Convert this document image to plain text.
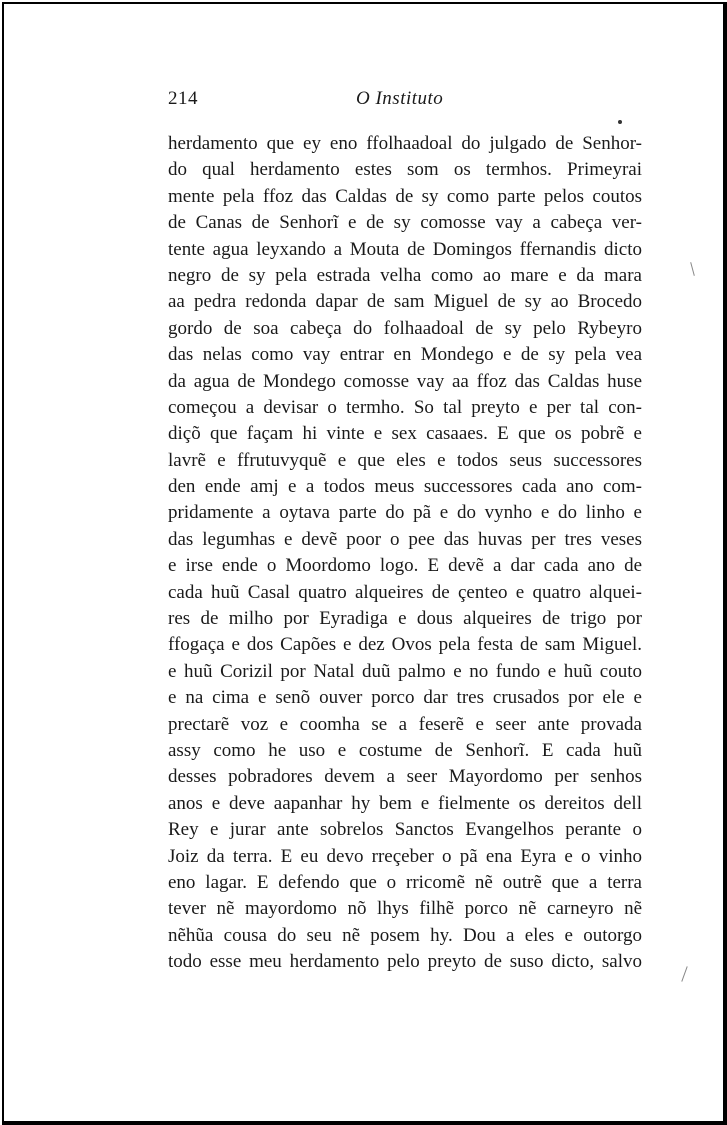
214	O Instituto
herdamento que ey eno ffolhaadoal do julgado de Senhor-
do qual herdamento estes som os termhos. Primeyrai
mente pela ffoz das Caldas de sy como parte pelos coutos
de Canas de Senhorĩ e de sy comosse vay a cabeça ver-
tente agua leyxando a Mouta de Domingos ffernandis dicto
negro de sy pela estrada velha como ao mare e da mara
aa pedra redonda dapar de sam Miguel de sy ao Brocedo
gordo de soa cabeça do folhaadoal de sy pelo Rybeyro
das nelas como vay entrar en Mondego e de sy pela vea
da agua de Mondego comosse vay aa ffoz das Caldas huse
começou a devisar o termho. So tal preyto e per tal con-
diçõ que façam hi vinte e sex casaaes. E que os pobrẽ e
lavrẽ e ffrutuvyquẽ e que eles e todos seus successores
den ende amj e a todos meus successores cada ano com-
pridamente a oytava parte do pã e do vynho e do linho e
das legumhas e devẽ poor o pee das huvas per tres veses
e irse ende o Moordomo logo. E devẽ a dar cada ano de
cada huũ Casal quatro alqueires de çenteo e quatro alquei-
res de milho por Eyradiga e dous alqueires de trigo por
ffogaça e dos Capões e dez Ovos pela festa de sam Miguel.
e huũ Corizil por Natal duũ palmo e no fundo e huũ couto
e na cima e senõ ouver porco dar tres crusados por ele e
prectarẽ voz e coomha se a feserẽ e seer ante provada
assy como he uso e costume de Senhorĩ. E cada huũ
desses pobradores devem a seer Mayordomo per senhos
anos e deve aapanhar hy bem e fielmente os dereitos dell
Rey e jurar ante sobrelos Sanctos Evangelhos perante o
Joiz da terra. E eu devo rreçeber o pã ena Eyra e o vinho
eno lagar. E defendo que o rricomẽ nẽ outrẽ que a terra
tever nẽ mayordomo nõ lhys filhẽ porco nẽ carneyro nẽ
nẽhũa cousa do seu nẽ posem hy. Dou a eles e outorgo
todo esse meu herdamento pelo preyto de suso dicto, salvo
